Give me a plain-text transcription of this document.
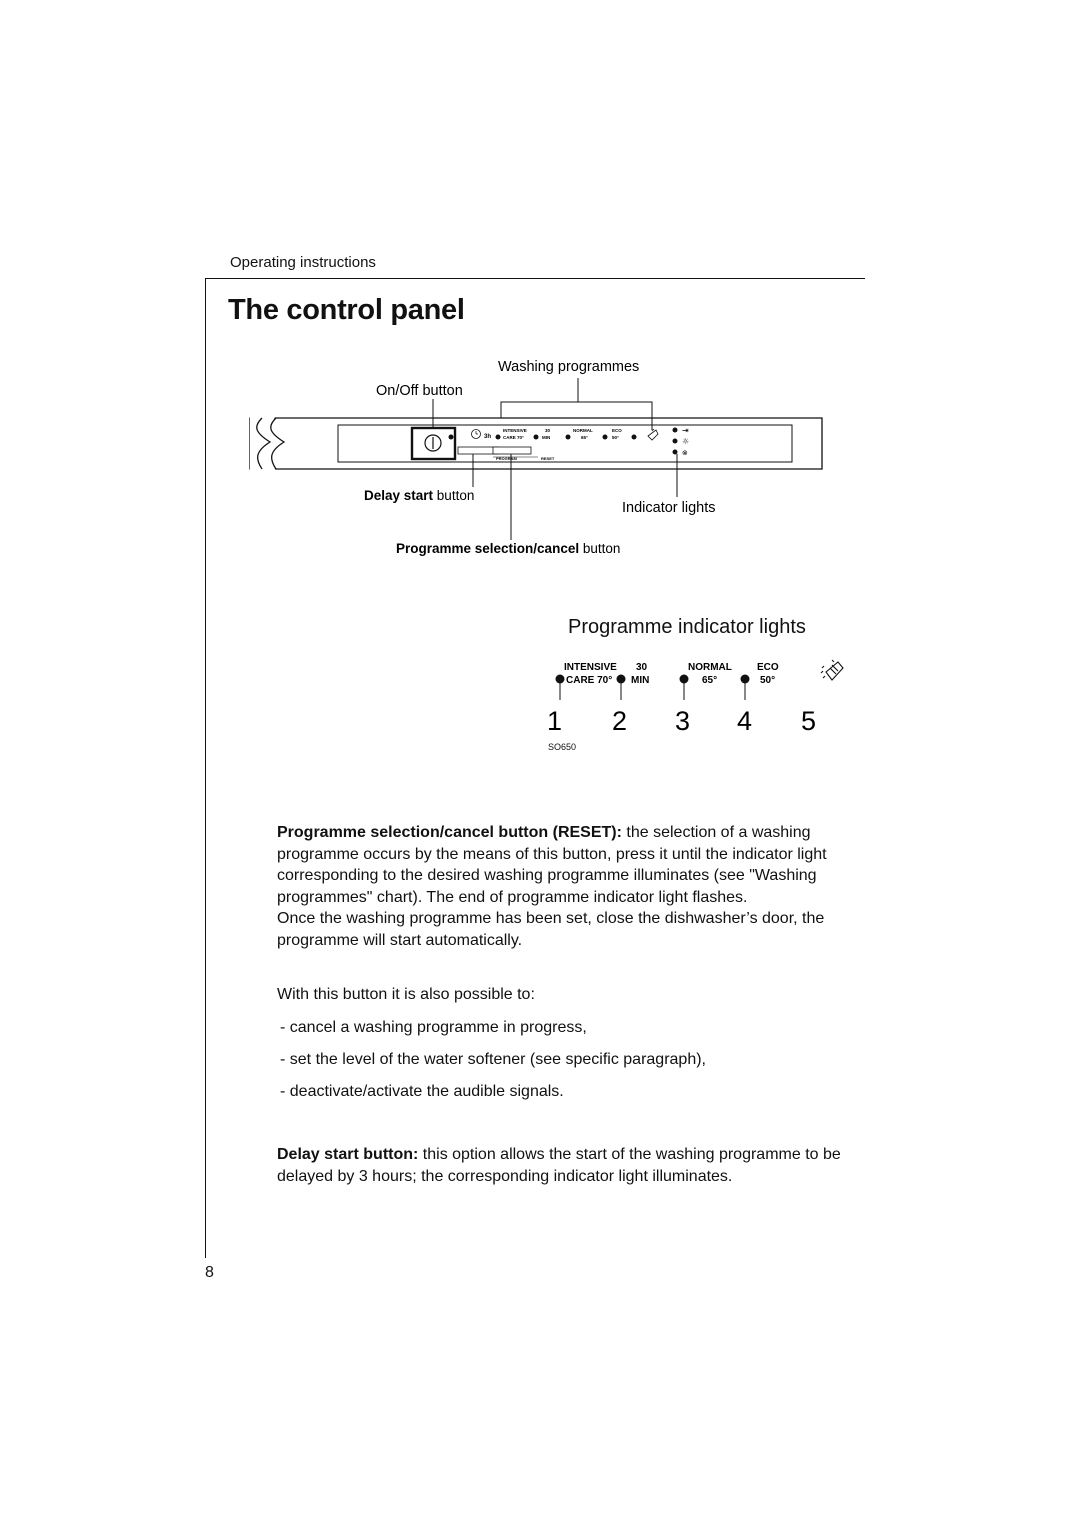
Operating instructions
The control panel
3h
INTENSIVE
CARE 70°
30
MIN
NORMAL
65°
ECO
50°
⇥
☼
⊗
PROGRAM	RESET
Washing programmes
On/Off button
Delay start button
Indicator lights
Programme selection/cancel button
Programme indicator lights
INTENSIVE
CARE 70°
30
MIN
NORMAL
65°
ECO
50°
1 2 3 4 5
SO650

Programme selection/cancel button (RESET): the selection of a washing programme occurs by the means of this button, press it until the indicator light corresponding to the desired washing programme illuminates (see "Washing programmes" chart). The end of programme indicator light flashes.

Once the washing programme has been set, close the dishwasher’s door, the programme will start automatically.

With this button it is also possible to:
- cancel a washing programme in progress,
- set the level of the water softener (see specific paragraph),
- deactivate/activate the audible signals.

Delay start button: this option allows the start of the washing programme to be delayed by 3 hours; the corresponding indicator light illuminates.

8
